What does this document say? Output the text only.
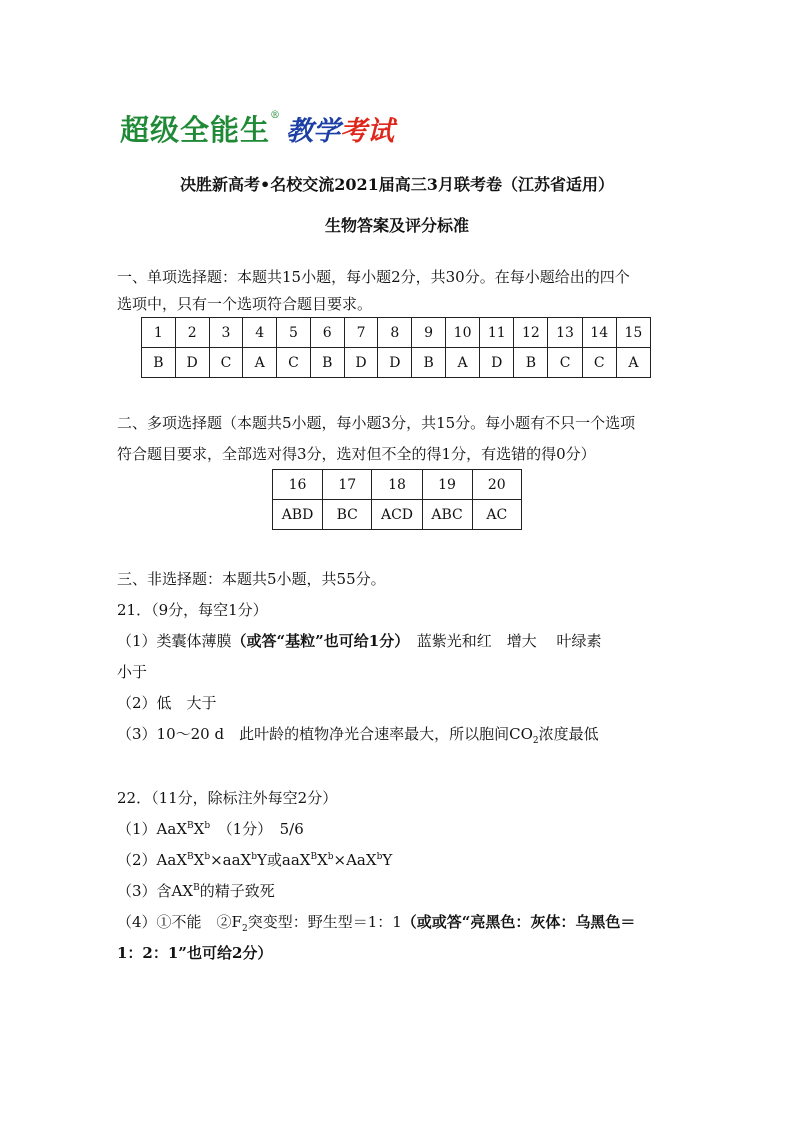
超级全能生®教学考试
决胜新高考•名校交流2021届高三3月联考卷（江苏省适用）
生物答案及评分标准
一、单项选择题：本题共15小题，每小题2分，共30分。在每小题给出的四个
选项中，只有一个选项符合题目要求。
1	2	3	4	5	6	7	8	9	10	11	12	13	14	15
B	D	C	A	C	B	D	D	B	A	D	B	C	C	A
二、多项选择题（本题共5小题，每小题3分，共15分。每小题有不只一个选项
符合题目要求，全部选对得3分，选对但不全的得1分，有选错的得0分）
16	17	18	19	20
ABD	BC	ACD	ABC	AC
三、非选择题：本题共5小题，共55分。
21．（9分，每空1分）
（1）类囊体薄膜（或答“基粒”也可给1分）　蓝紫光和红　增大　 叶绿素
小于
（2）低　大于
（3）10～20 d　此叶龄的植物净光合速率最大，所以胞间$CO_2$浓度最低
22．（11分，除标注外每空2分）
$(1)AaX^BX^b$　（1分）　5/6
$(2)AaX^BX^b\times aaX^bY$或$aaX^BX^b\times AaX^bY$
（3）含$AX^B$的精子致死
（4）①不能　$②F_2$突变型：野生型＝1：1（或或答“亮黑色：灰体：乌黑色＝
1：2：1”也可给2分）
